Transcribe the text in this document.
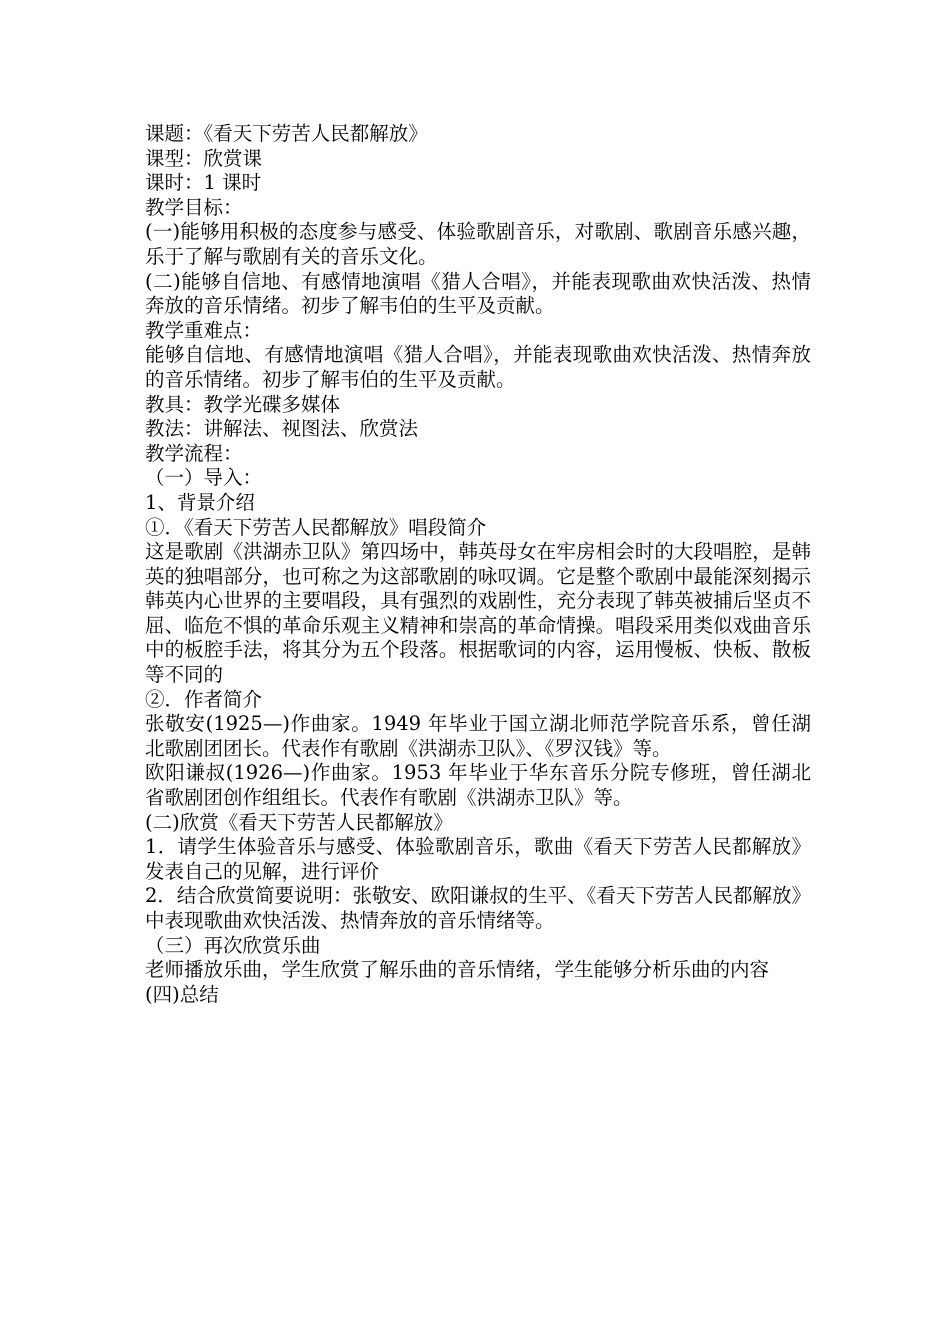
课题：《看天下劳苦人民都解放》

课型：欣赏课

课时：1 课时

教学目标：

(一)能够用积极的态度参与感受、体验歌剧音乐，对歌剧、歌剧音乐感兴趣，乐于了解与歌剧有关的音乐文化。

(二)能够自信地、有感情地演唱《猎人合唱》，并能表现歌曲欢快活泼、热情奔放的音乐情绪。初步了解韦伯的生平及贡献。

教学重难点：

能够自信地、有感情地演唱《猎人合唱》，并能表现歌曲欢快活泼、热情奔放的音乐情绪。初步了解韦伯的生平及贡献。

教具：教学光碟多媒体

教法：讲解法、视图法、欣赏法

教学流程：

（一）导入：

1、背景介绍

①．《看天下劳苦人民都解放》唱段简介

这是歌剧《洪湖赤卫队》第四场中，韩英母女在牢房相会时的大段唱腔，是韩英的独唱部分，也可称之为这部歌剧的咏叹调。它是整个歌剧中最能深刻揭示韩英内心世界的主要唱段，具有强烈的戏剧性，充分表现了韩英被捕后坚贞不屈、临危不惧的革命乐观主义精神和崇高的革命情操。唱段采用类似戏曲音乐中的板腔手法，将其分为五个段落。根据歌词的内容，运用慢板、快板、散板等不同的

②．作者简介

张敬安(1925—)作曲家。1949 年毕业于国立湖北师范学院音乐系，曾任湖北歌剧团团长。代表作有歌剧《洪湖赤卫队》、《罗汉钱》等。

欧阳谦叔(1926—)作曲家。1953 年毕业于华东音乐分院专修班，曾任湖北省歌剧团创作组组长。代表作有歌剧《洪湖赤卫队》等。

(二)欣赏《看天下劳苦人民都解放》

1．请学生体验音乐与感受、体验歌剧音乐，歌曲《看天下劳苦人民都解放》发表自己的见解，进行评价

2．结合欣赏简要说明：张敬安、欧阳谦叔的生平、《看天下劳苦人民都解放》中表现歌曲欢快活泼、热情奔放的音乐情绪等。

（三）再次欣赏乐曲

老师播放乐曲，学生欣赏了解乐曲的音乐情绪，学生能够分析乐曲的内容

(四)总结
